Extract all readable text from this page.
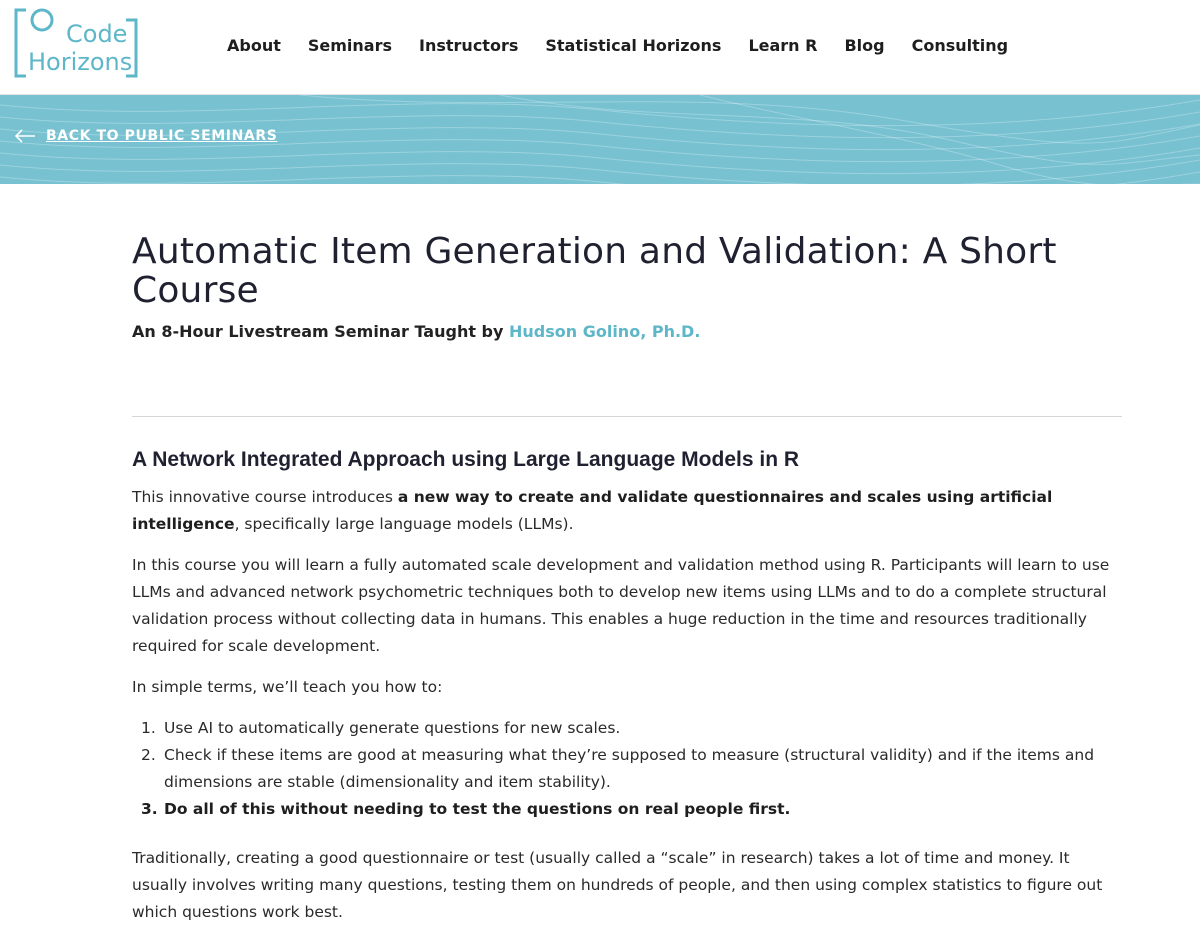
Code
Horizons
About Seminars Instructors Statistical Horizons Learn R Blog Consulting
BACK TO PUBLIC SEMINARS
Automatic Item Generation and Validation: A Short Course
An 8-Hour Livestream Seminar Taught by Hudson Golino, Ph.D.
A Network Integrated Approach using Large Language Models in R

This innovative course introduces a new way to create and validate questionnaires and scales using artificial intelligence, specifically large language models (LLMs).

In this course you will learn a fully automated scale development and validation method using R. Participants will learn to use LLMs and advanced network psychometric techniques both to develop new items using LLMs and to do a complete structural validation process without collecting data in humans. This enables a huge reduction in the time and resources traditionally required for scale development.

In simple terms, we’ll teach you how to:

1. Use AI to automatically generate questions for new scales.
2. Check if these items are good at measuring what they’re supposed to measure (structural validity) and if the items and dimensions are stable (dimensionality and item stability).
3. Do all of this without needing to test the questions on real people first.

Traditionally, creating a good questionnaire or test (usually called a “scale” in research) takes a lot of time and money. It usually involves writing many questions, testing them on hundreds of people, and then using complex statistics to figure out which questions work best.
